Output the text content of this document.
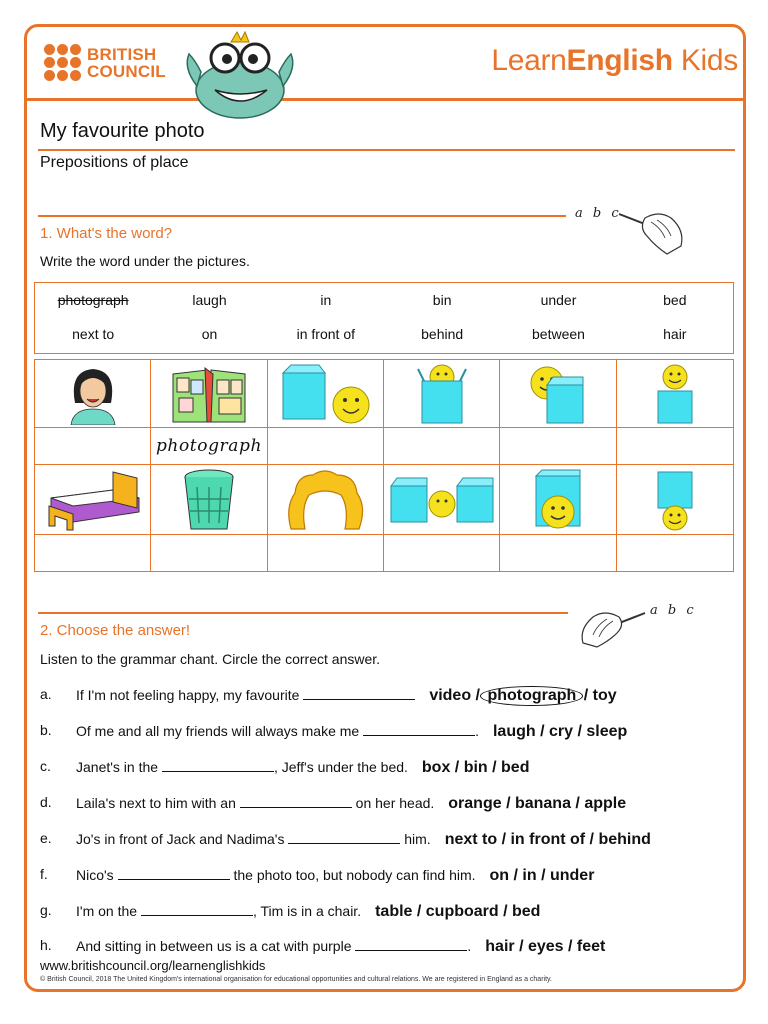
BRITISH
COUNCIL	LearnEnglish Kids
My favourite photo
Prepositions of place
a b c
1. What's the word?
Write the word under the pictures.
photograph	laugh	in	bin	under	bed
next to	on	in front of	behind	between	hair
photograph
a b c
2. Choose the answer!
Listen to the grammar chant. Circle the correct answer.
a. If I'm not feeling happy, my favourite	video / photograph / toy
b. Of me and all my friends will always make me	. laugh / cry / sleep
c. Janet's in the	, Jeff's under the bed. box / bin / bed
d. Laila's next to him with an	on her head. orange / banana / apple
e. Jo's in front of Jack and Nadima's	him. next to / in front of / behind
f. Nico's	the photo too, but nobody can find him. on / in / under
g. I'm on the	, Tim is in a chair. table / cupboard / bed
h. And sitting in between us is a cat with purple	. hair / eyes / feet
www.britishcouncil.org/learnenglishkids
© British Council, 2018 The United Kingdom's international organisation for educational opportunities and cultural relations. We are registered in England as a charity.
